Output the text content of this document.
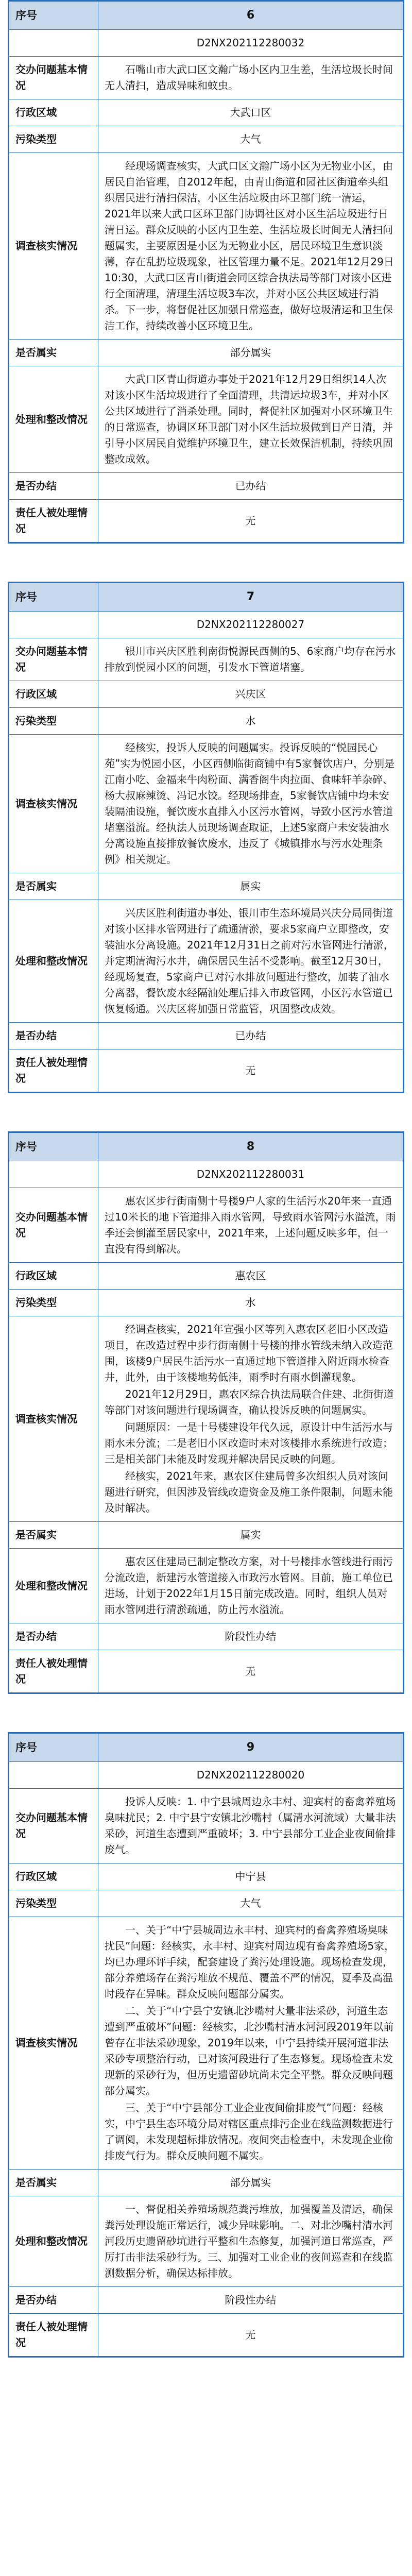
序号	6
	D2NX202112280032
交办问题基本情况	石嘴山市大武口区文瀚广场小区内卫生差，生活垃圾长时间无人清扫，造成异味和蚊虫。
行政区域	大武口区
污染类型	大气
调查核实情况	经现场调查核实，大武口区文瀚广场小区为无物业小区，由居民自治管理，自2012年起，由青山街道和园社区街道牵头组织居民进行清扫保洁，小区生活垃圾由环卫部门统一清运，2021年以来大武口区环卫部门协调社区对小区生活垃圾进行日清日运。群众反映的小区内卫生差、生活垃圾长时间无人清扫问题属实，主要原因是小区为无物业小区，居民环境卫生意识淡薄，存在乱扔垃圾现象，社区管理力量不足。2021年12月29日10:30，大武口区青山街道会同区综合执法局等部门对该小区进行全面清理，清理生活垃圾3车次，并对小区公共区域进行消杀。下一步，将督促社区加强日常巡查，做好垃圾清运和卫生保洁工作，持续改善小区环境卫生。

是否属实	部分属实
处理和整改情况	大武口区青山街道办事处于2021年12月29日组织14人次对该小区生活垃圾进行了全面清理，共清运垃圾3车，并对小区公共区域进行了消杀处理。同时，督促社区加强对小区环境卫生的日常巡查，协调区环卫部门对小区生活垃圾做到日产日清，并引导小区居民自觉维护环境卫生，建立长效保洁机制，持续巩固整改成效。

是否办结	已办结
责任人被处理情况	无
序号	7
	D2NX202112280027
交办问题基本情况	银川市兴庆区胜利南街悦源民西侧的5、6家商户均存在污水排放到悦园小区的问题，引发水下管道堵塞。
行政区域	兴庆区
污染类型	水
调查核实情况	经核实，投诉人反映的问题属实。投诉反映的“悦园民心苑”实为悦园小区，小区西侧临街商铺中有5家餐饮店户，分别是江南小吃、金福来牛肉粉面、满香阁牛肉拉面、食味轩羊杂碎、杨大叔麻辣烫、冯记水饺。经现场排查，5家餐饮店铺中均未安装隔油设施，餐饮废水直排入小区污水管网，导致小区污水管道堵塞溢流。经执法人员现场调查取证，上述5家商户未安装油水分离设施直接排放餐饮废水，违反了《城镇排水与污水处理条例》相关规定。

是否属实	属实
处理和整改情况	兴庆区胜利街道办事处、银川市生态环境局兴庆分局同街道对该小区排水管网进行了疏通清淤，要求5家商户立即整改，安装油水分离设施。2021年12月31日之前对污水管网进行清淤，并定期清淘污水井，确保居民生活不受影响。截至12月30日，经现场复查，5家商户已对污水排放问题进行整改，加装了油水分离器，餐饮废水经隔油处理后排入市政管网，小区污水管道已恢复畅通。兴庆区将加强日常监管，巩固整改成效。

是否办结	已办结
责任人被处理情况	无
序号	8
	D2NX202112280031
交办问题基本情况	惠农区步行街南侧十号楼9户人家的生活污水20年来一直通过10米长的地下管道排入雨水管网，导致雨水管网污水溢流，雨季还会倒灌至居民家中，2021年来，上述问题反映多年，但一直没有得到解决。
行政区域	惠农区
污染类型	水
调查核实情况	经调查核实，2021年宣强小区等列入惠农区老旧小区改造项目，在改造过程中步行街南侧十号楼的排水管线未纳入改造范围，该楼9户居民生活污水一直通过地下管道排入附近雨水检查井，此外，由于该楼地势低洼，雨季时有雨水倒灌现象。

2021年12月29日，惠农区综合执法局联合住建、北街街道等部门对该问题进行现场调查，确认投诉反映的问题属实。

问题原因：一是十号楼建设年代久远，原设计中生活污水与雨水未分流；二是老旧小区改造时未对该楼排水系统进行改造；三是相关部门未能及时发现并解决居民反映的问题。

经核实，2021年来，惠农区住建局曾多次组织人员对该问题进行研究，但因涉及管线改造资金及施工条件限制，问题未能及时解决。

是否属实	属实
处理和整改情况	惠农区住建局已制定整改方案，对十号楼排水管线进行雨污分流改造，新建污水管道接入市政污水管网。目前，施工单位已进场，计划于2022年1月15日前完成改造。同时，组织人员对雨水管网进行清淤疏通，防止污水溢流。

是否办结	阶段性办结
责任人被处理情况	无
序号	9
	D2NX202112280020
交办问题基本情况	投诉人反映：1. 中宁县城周边永丰村、迎宾村的畜禽养殖场臭味扰民；2. 中宁县宁安镇北沙嘴村（属清水河流域）大量非法采砂，河道生态遭到严重破坏；3. 中宁县部分工业企业夜间偷排废气。
行政区域	中宁县
污染类型	大气
调查核实情况	一、关于“中宁县城周边永丰村、迎宾村的畜禽养殖场臭味扰民”问题：经核实，永丰村、迎宾村周边现有畜禽养殖场5家，均已办理环评手续，配套建设了粪污处理设施。现场检查发现，部分养殖场存在粪污堆放不规范、覆盖不严的情况，夏季及高温时段存在异味。群众反映问题部分属实。

二、关于“中宁县宁安镇北沙嘴村大量非法采砂，河道生态遭到严重破坏”问题：经核实，北沙嘴村清水河河段2019年以前曾存在非法采砂现象，2019年以来，中宁县持续开展河道非法采砂专项整治行动，已对该河段进行了生态修复。现场检查未发现新的采砂行为，但历史遗留砂坑尚未完全平整。群众反映问题部分属实。

三、关于“中宁县部分工业企业夜间偷排废气”问题：经核实，中宁县生态环境分局对辖区重点排污企业在线监测数据进行了调阅，未发现超标排放情况。夜间突击检查中，未发现企业偷排废气行为。群众反映问题不属实。

是否属实	部分属实
处理和整改情况	一、督促相关养殖场规范粪污堆放，加强覆盖及清运，确保粪污处理设施正常运行，减少异味影响。二、对北沙嘴村清水河河段历史遗留砂坑进行平整和生态修复，加强河道日常巡查，严厉打击非法采砂行为。三、加强对工业企业的夜间巡查和在线监测数据分析，确保达标排放。

是否办结	阶段性办结
责任人被处理情况	无
